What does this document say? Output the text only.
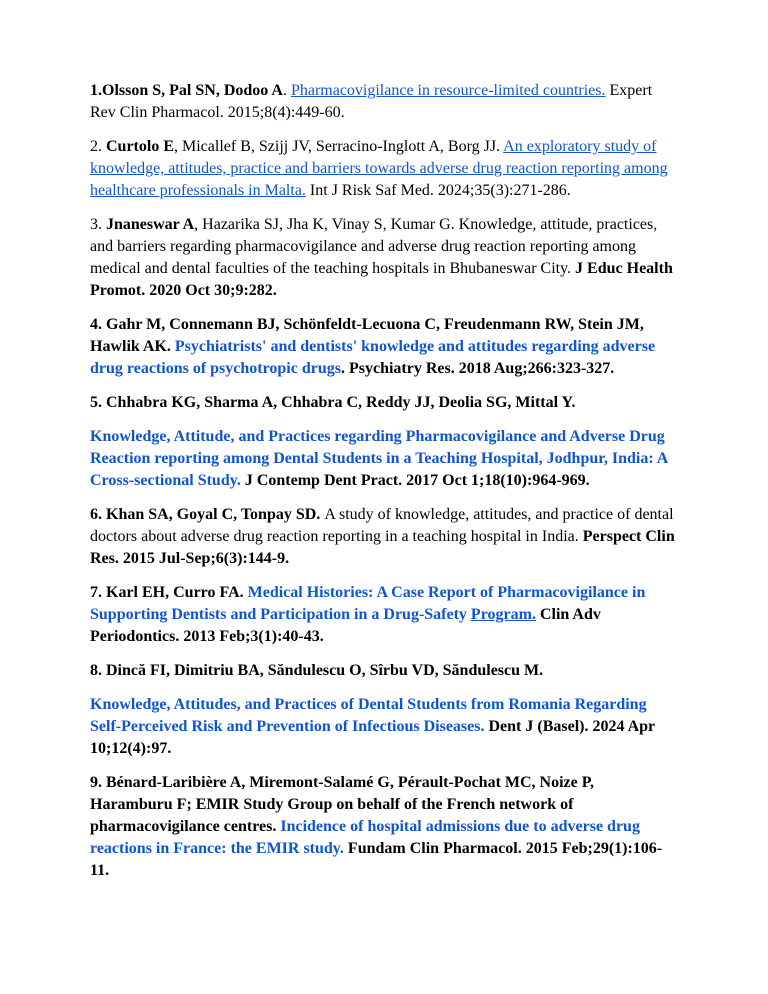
1.Olsson S, Pal SN, Dodoo A. Pharmacovigilance in resource-limited countries. Expert Rev Clin Pharmacol. 2015;8(4):449-60.

2. Curtolo E, Micallef B, Szijj JV, Serracino-Inglott A, Borg JJ. An exploratory study of knowledge, attitudes, practice and barriers towards adverse drug reaction reporting among healthcare professionals in Malta. Int J Risk Saf Med. 2024;35(3):271-286.

3. Jnaneswar A, Hazarika SJ, Jha K, Vinay S, Kumar G. Knowledge, attitude, practices, and barriers regarding pharmacovigilance and adverse drug reaction reporting among medical and dental faculties of the teaching hospitals in Bhubaneswar City. J Educ Health Promot. 2020 Oct 30;9:282.

4. Gahr M, Connemann BJ, Schönfeldt-Lecuona C, Freudenmann RW, Stein JM, Hawlik AK. Psychiatrists' and dentists' knowledge and attitudes regarding adverse drug reactions of psychotropic drugs. Psychiatry Res. 2018 Aug;266:323-327.

5. Chhabra KG, Sharma A, Chhabra C, Reddy JJ, Deolia SG, Mittal Y.

Knowledge, Attitude, and Practices regarding Pharmacovigilance and Adverse Drug Reaction reporting among Dental Students in a Teaching Hospital, Jodhpur, India: A Cross-sectional Study. J Contemp Dent Pract. 2017 Oct 1;18(10):964-969.

6. Khan SA, Goyal C, Tonpay SD. A study of knowledge, attitudes, and practice of dental doctors about adverse drug reaction reporting in a teaching hospital in India. Perspect Clin Res. 2015 Jul-Sep;6(3):144-9.

7. Karl EH, Curro FA. Medical Histories: A Case Report of Pharmacovigilance in Supporting Dentists and Participation in a Drug-Safety Program. Clin Adv Periodontics. 2013 Feb;3(1):40-43.

8. Dincă FI, Dimitriu BA, Săndulescu O, Sîrbu VD, Săndulescu M.

Knowledge, Attitudes, and Practices of Dental Students from Romania Regarding Self-Perceived Risk and Prevention of Infectious Diseases. Dent J (Basel). 2024 Apr 10;12(4):97.

9. Bénard-Laribière A, Miremont-Salamé G, Pérault-Pochat MC, Noize P, Haramburu F; EMIR Study Group on behalf of the French network of pharmacovigilance centres. Incidence of hospital admissions due to adverse drug reactions in France: the EMIR study. Fundam Clin Pharmacol. 2015 Feb;29(1):106-11.
